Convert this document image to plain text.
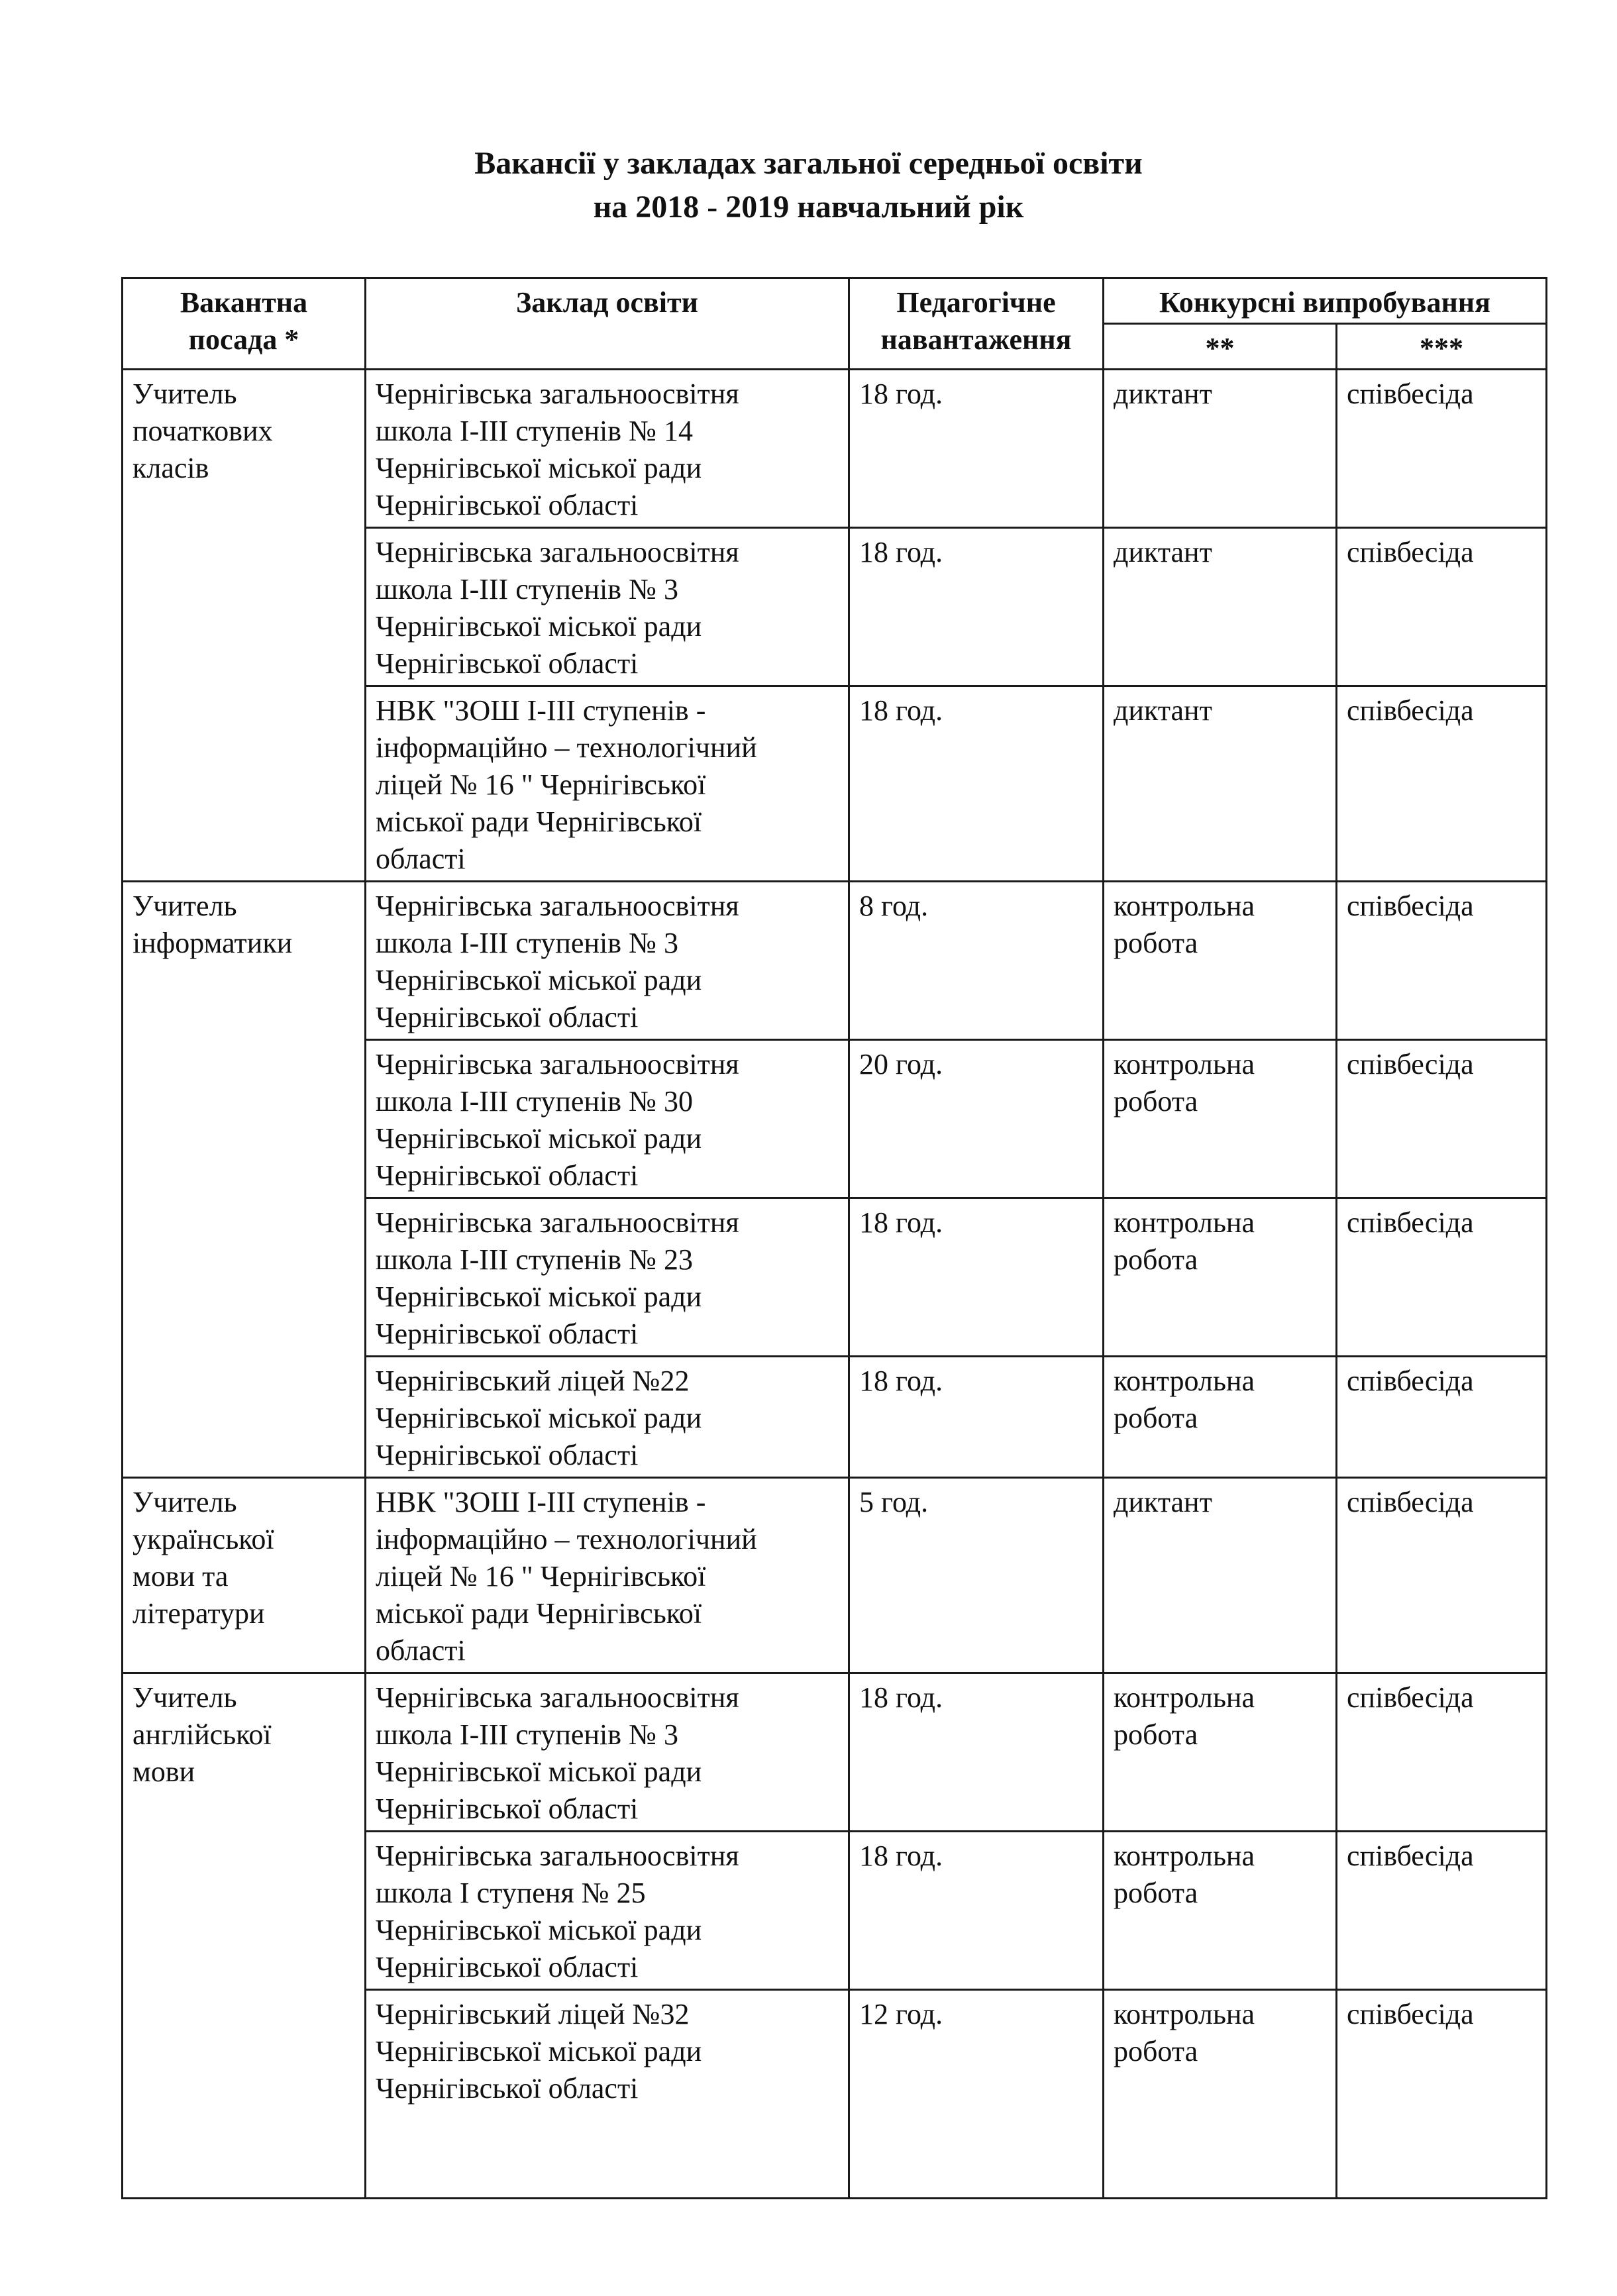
Вакансії у закладах загальної середньої освіти
на 2018 - 2019 навчальний рік
Вакантна
посада *	Заклад освіти	Педагогічне
навантаження	Конкурсні випробування	
			**	***
Учитель
початкових
класів	Чернігівська загальноосвітня
школа І-ІІІ ступенів № 14
Чернігівської міської ради
Чернігівської області	18 год.	диктант	співбесіда
	Чернігівська загальноосвітня
школа І-ІІІ ступенів № 3
Чернігівської міської ради
Чернігівської області	18 год.	диктант	співбесіда
	НВК "ЗОШ І-ІІІ ступенів -
інформаційно – технологічний
ліцей № 16 " Чернігівської
міської ради Чернігівської
області	18 год.	диктант	співбесіда
Учитель
інформатики	Чернігівська загальноосвітня
школа І-ІІІ ступенів № 3
Чернігівської міської ради
Чернігівської області	8 год.	контрольна
робота	співбесіда
	Чернігівська загальноосвітня
школа І-ІІІ ступенів № 30
Чернігівської міської ради
Чернігівської області	20 год.	контрольна
робота	співбесіда
	Чернігівська загальноосвітня
школа І-ІІІ ступенів № 23
Чернігівської міської ради
Чернігівської області	18 год.	контрольна
робота	співбесіда
	Чернігівський ліцей №22
Чернігівської міської ради
Чернігівської області	18 год.	контрольна
робота	співбесіда
Учитель
української
мови та
літератури	НВК "ЗОШ І-ІІІ ступенів -
інформаційно – технологічний
ліцей № 16 " Чернігівської
міської ради Чернігівської
області	5 год.	диктант	співбесіда
Учитель
англійської
мови	Чернігівська загальноосвітня
школа І-ІІІ ступенів № 3
Чернігівської міської ради
Чернігівської області	18 год.	контрольна
робота	співбесіда
	Чернігівська загальноосвітня
школа І ступеня № 25
Чернігівської міської ради
Чернігівської області	18 год.	контрольна
робота	співбесіда
	Чернігівський ліцей №32
Чернігівської міської ради
Чернігівської області	12 год.	контрольна
робота	співбесіда
